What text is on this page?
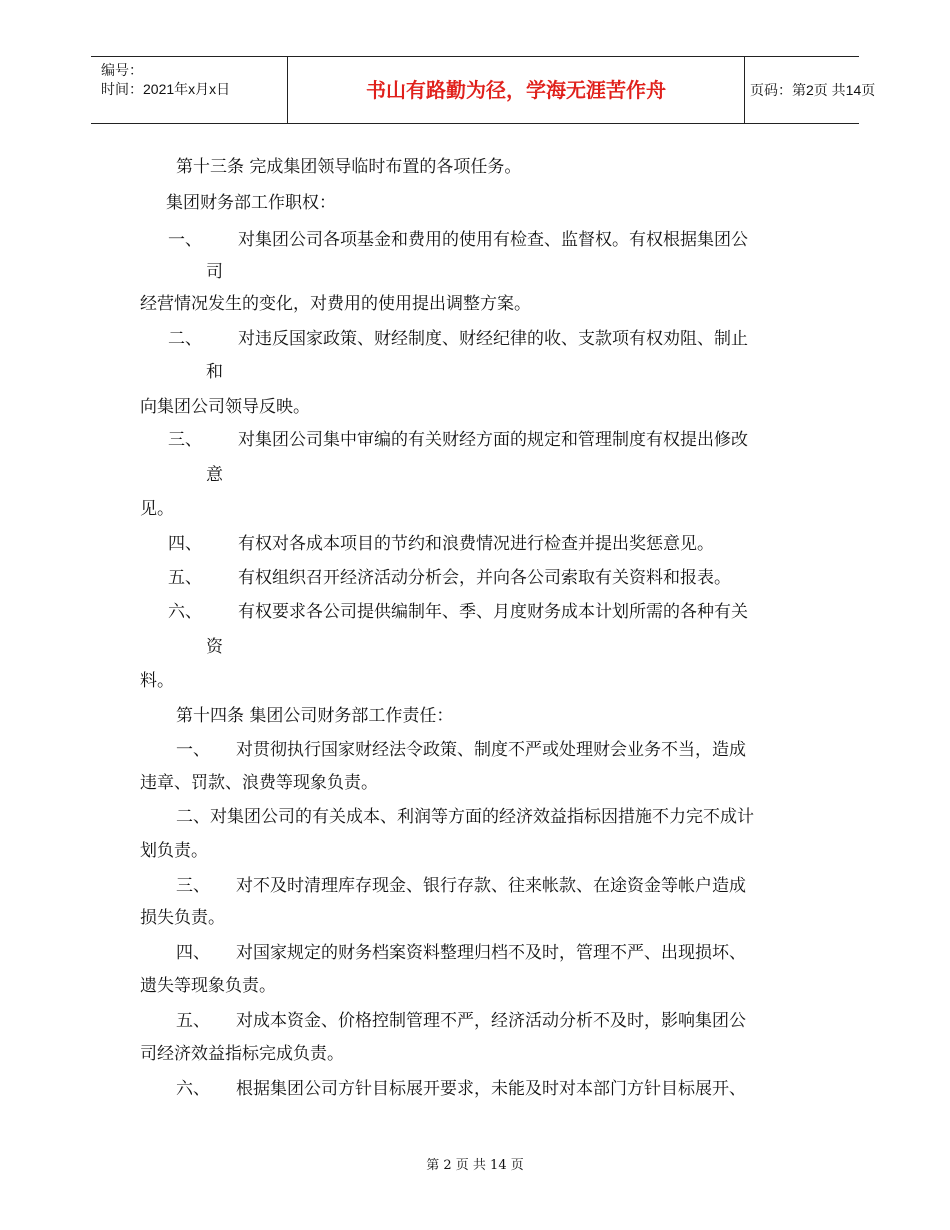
编号：
时间：2021年x月x日	书山有路勤为径，学海无涯苦作舟	页码：第2页 共14页
第十三条 完成集团领导临时布置的各项任务。
集团财务部工作职权：
一、 对集团公司各项基金和费用的使用有检查、监督权。有权根据集团公
司
经营情况发生的变化，对费用的使用提出调整方案。
二、 对违反国家政策、财经制度、财经纪律的收、支款项有权劝阻、制止
和
向集团公司领导反映。
三、 对集团公司集中审编的有关财经方面的规定和管理制度有权提出修改
意
见。
四、 有权对各成本项目的节约和浪费情况进行检查并提出奖惩意见。
五、 有权组织召开经济活动分析会，并向各公司索取有关资料和报表。
六、 有权要求各公司提供编制年、季、月度财务成本计划所需的各种有关
资
料。
第十四条 集团公司财务部工作责任：
一、 对贯彻执行国家财经法令政策、制度不严或处理财会业务不当，造成
违章、罚款、浪费等现象负责。
二、对集团公司的有关成本、利润等方面的经济效益指标因措施不力完不成计
划负责。
三、 对不及时清理库存现金、银行存款、往来帐款、在途资金等帐户造成
损失负责。
四、 对国家规定的财务档案资料整理归档不及时，管理不严、出现损坏、
遗失等现象负责。
五、 对成本资金、价格控制管理不严，经济活动分析不及时，影响集团公
司经济效益指标完成负责。
六、 根据集团公司方针目标展开要求，未能及时对本部门方针目标展开、
第 2 页 共 14 页
